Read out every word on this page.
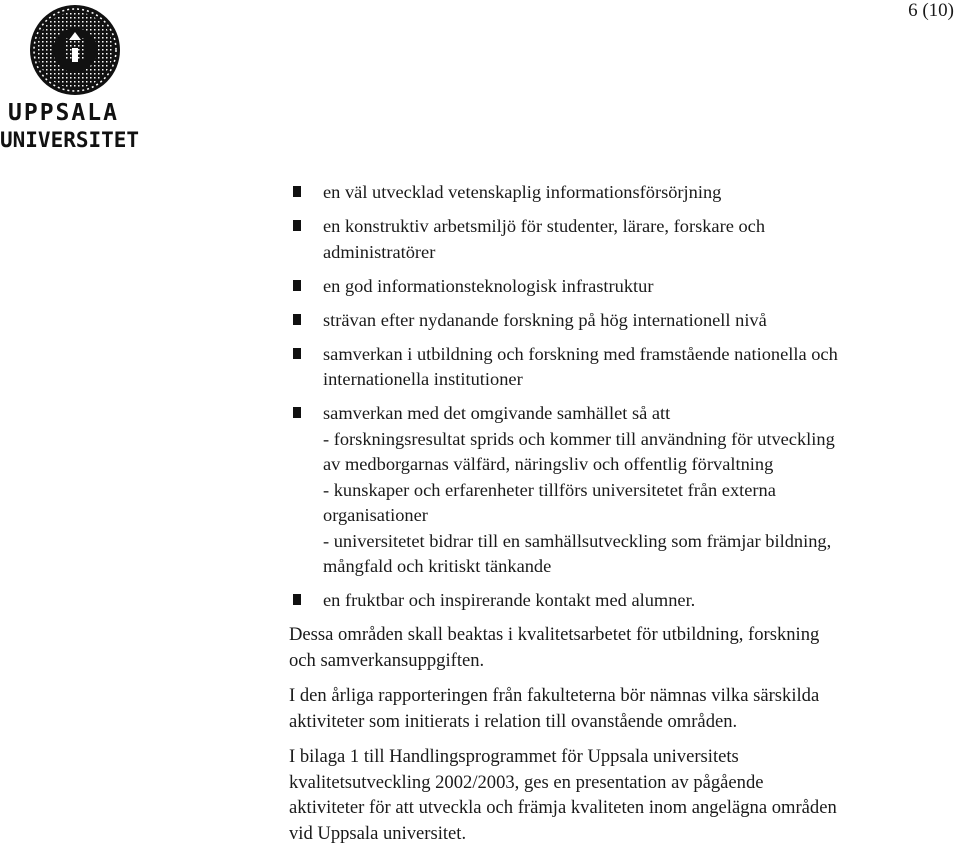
6 (10)
UPPSALA
UNIVERSITET
en väl utvecklad vetenskaplig informationsförsörjning
en konstruktiv arbetsmiljö för studenter, lärare, forskare och
administratörer
en god informationsteknologisk infrastruktur
strävan efter nydanande forskning på hög internationell nivå
samverkan i utbildning och forskning med framstående nationella och
internationella institutioner
samverkan med det omgivande samhället så att
- forskningsresultat sprids och kommer till användning för utveckling
av medborgarnas välfärd, näringsliv och offentlig förvaltning
- kunskaper och erfarenheter tillförs universitetet från externa
organisationer
- universitetet bidrar till en samhällsutveckling som främjar bildning,
mångfald och kritiskt tänkande
en fruktbar och inspirerande kontakt med alumner.

Dessa områden skall beaktas i kvalitetsarbetet för utbildning, forskning
och samverkansuppgiften.

I den årliga rapporteringen från fakulteterna bör nämnas vilka särskilda
aktiviteter som initierats i relation till ovanstående områden.

I bilaga 1 till Handlingsprogrammet för Uppsala universitets
kvalitetsutveckling 2002/2003, ges en presentation av pågående
aktiviteter för att utveckla och främja kvaliteten inom angelägna områden
vid Uppsala universitet.
